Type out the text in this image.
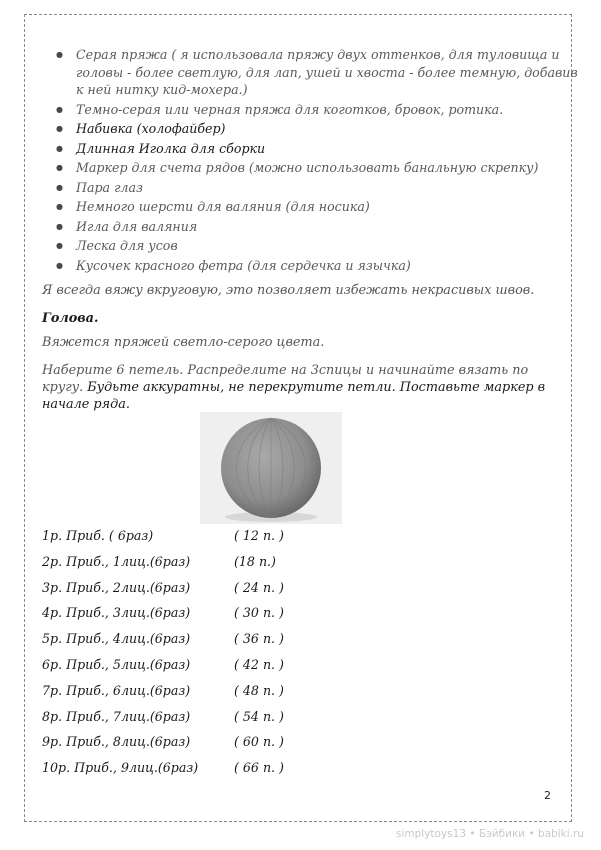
● Серая пряжа ( я использовала пряжу двух оттенков, для туловища и головы - более светлую, для лап, ушей и хвоста - более темную, добавив к ней нитку кид-мохера.)
● Темно-серая или черная пряжа для коготков, бровок, ротика.
● Набивка (холофайбер)
● Длинная Иголка для сборки
● Маркер для счета рядов (можно использовать банальную скрепку)
● Пара глаз
● Немного шерсти для валяния (для носика)
● Игла для валяния
● Леска для усов
● Кусочек красного фетра (для сердечка и язычка)

Я всегда вяжу вкруговую, это позволяет избежать некрасивых швов.

Голова.

Вяжется пряжей светло-серого цвета.

Наберите 6 петель. Распределите на 3спицы и начинайте вязать по кругу. Будьте аккуратны, не перекрутите петли. Поставьте маркер в начале ряда.

1р. Приб. ( 6раз)	( 12 п. )
2р. Приб., 1лиц.(6раз)	(18 п.)
3р. Приб., 2лиц.(6раз)	( 24 п. )
4р. Приб., 3лиц.(6раз)	( 30 п. )
5р. Приб., 4лиц.(6раз)	( 36 п. )
6р. Приб., 5лиц.(6раз)	( 42 п. )
7р. Приб., 6лиц.(6раз)	( 48 п. )
8р. Приб., 7лиц.(6раз)	( 54 п. )
9р. Приб., 8лиц.(6раз)	( 60 п. )
10р. Приб., 9лиц.(6раз)	( 66 п. )
2
simplytoys13 • Бэйбики • babiki.ru
